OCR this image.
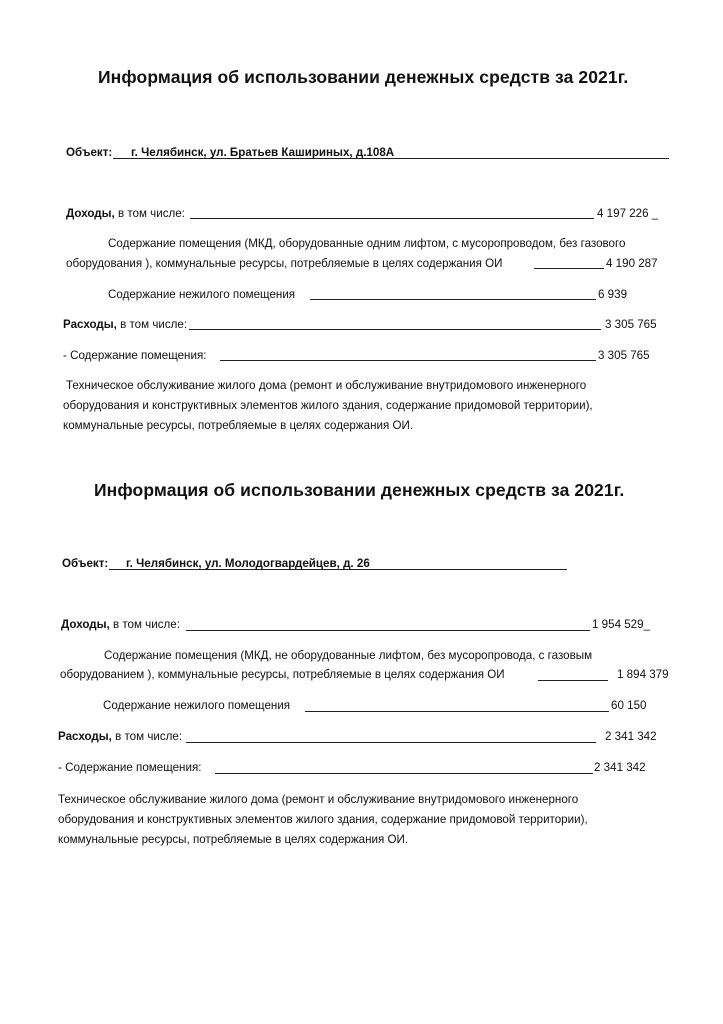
Информация об использовании денежных средств за 2021г.
Объект: г. Челябинск, ул. Братьев Кашириных, д.108А
Доходы, в том числе:	4 197 226 _
Содержание помещения (МКД, оборудованные одним лифтом, с мусоропроводом, без газового
оборудования ), коммунальные ресурсы, потребляемые в целях содержания ОИ	4 190 287
Содержание нежилого помещения	6 939
Расходы, в том числе:	3 305 765
- Содержание помещения:	3 305 765
Техническое обслуживание жилого дома (ремонт и обслуживание внутридомового инженерного
оборудования и конструктивных элементов жилого здания, содержание придомовой территории),
коммунальные ресурсы, потребляемые в целях содержания ОИ.
Информация об использовании денежных средств за 2021г.
Объект: г. Челябинск, ул. Молодогвардейцев, д. 26
Доходы, в том числе:	1 954 529_
Содержание помещения (МКД, не оборудованные лифтом, без мусоропровода, с газовым
оборудованием ), коммунальные ресурсы, потребляемые в целях содержания ОИ	1 894 379
Содержание нежилого помещения	60 150
Расходы, в том числе:	2 341 342
- Содержание помещения:	2 341 342
Техническое обслуживание жилого дома (ремонт и обслуживание внутридомового инженерного
оборудования и конструктивных элементов жилого здания, содержание придомовой территории),
коммунальные ресурсы, потребляемые в целях содержания ОИ.
